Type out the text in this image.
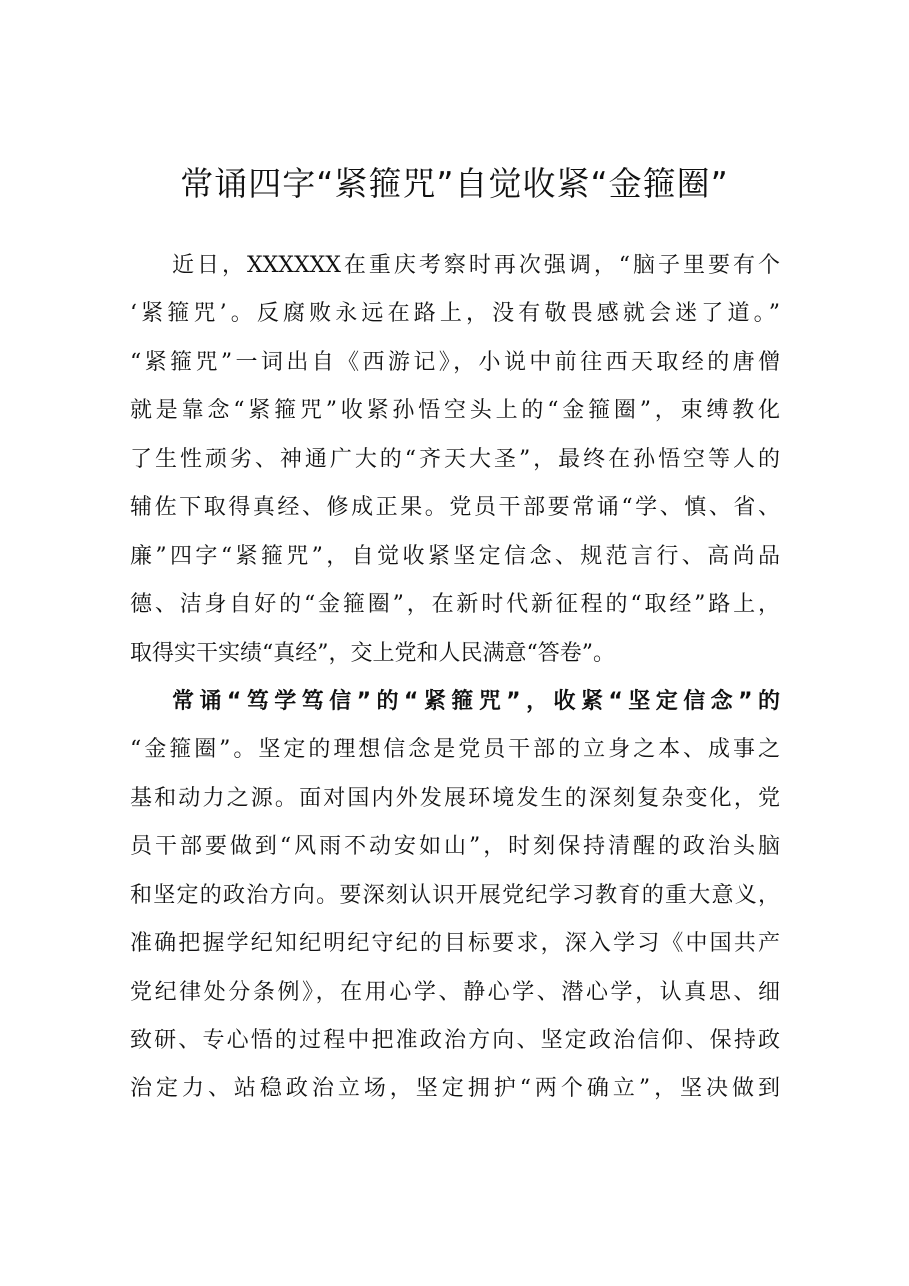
常诵四字“紧箍咒”自觉收紧“金箍圈”
近日，XXXXXX在重庆考察时再次强调，“脑子里要有个
‘紧箍咒’。反腐败永远在路上，没有敬畏感就会迷了道。”
“紧箍咒”一词出自《西游记》，小说中前往西天取经的唐僧
就是靠念“紧箍咒”收紧孙悟空头上的“金箍圈”，束缚教化
了生性顽劣、神通广大的“齐天大圣”，最终在孙悟空等人的
辅佐下取得真经、修成正果。党员干部要常诵“学、慎、省、
廉”四字“紧箍咒”，自觉收紧坚定信念、规范言行、高尚品
德、洁身自好的“金箍圈”，在新时代新征程的“取经”路上，
取得实干实绩“真经”，交上党和人民满意“答卷”。
常诵“笃学笃信”的“紧箍咒”，收紧“坚定信念”的
“金箍圈”。坚定的理想信念是党员干部的立身之本、成事之
基和动力之源。面对国内外发展环境发生的深刻复杂变化，党
员干部要做到“风雨不动安如山”，时刻保持清醒的政治头脑
和坚定的政治方向。要深刻认识开展党纪学习教育的重大意义，
准确把握学纪知纪明纪守纪的目标要求，深入学习《中国共产
党纪律处分条例》，在用心学、静心学、潜心学，认真思、细
致研、专心悟的过程中把准政治方向、坚定政治信仰、保持政
治定力、站稳政治立场，坚定拥护“两个确立”，坚决做到
